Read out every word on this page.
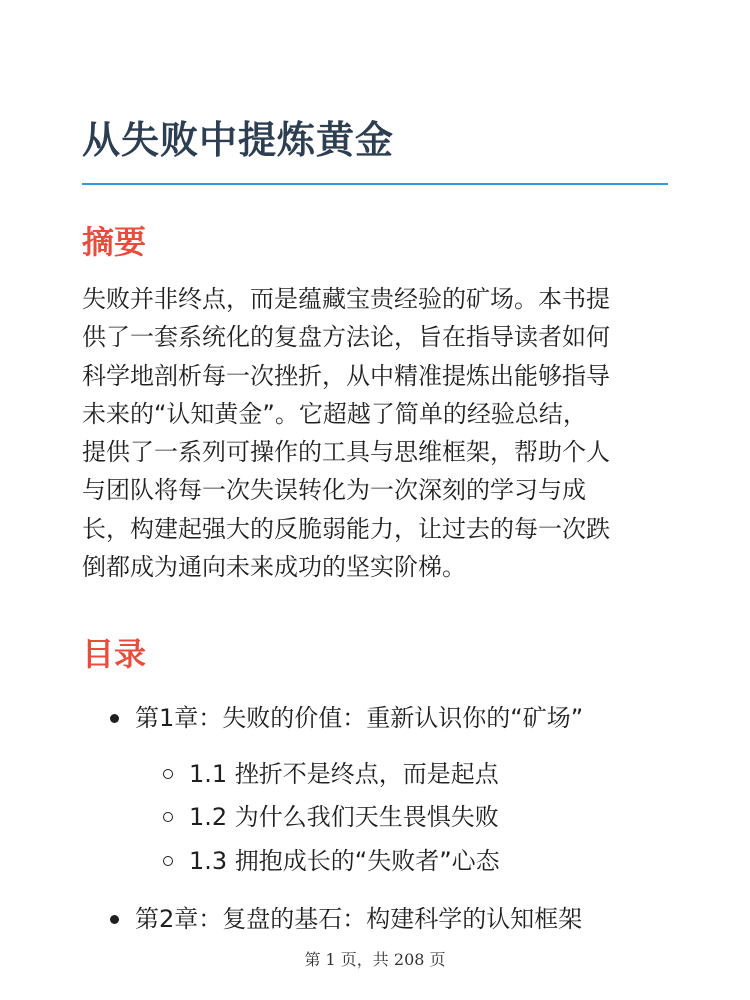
从失败中提炼黄金
摘要

失败并非终点，而是蕴藏宝贵经验的矿场。本书提
供了一套系统化的复盘方法论，旨在指导读者如何
科学地剖析每一次挫折，从中精准提炼出能够指导
未来的“认知黄金”。它超越了简单的经验总结，
提供了一系列可操作的工具与思维框架，帮助个人
与团队将每一次失误转化为一次深刻的学习与成
长，构建起强大的反脆弱能力，让过去的每一次跌
倒都成为通向未来成功的坚实阶梯。

目录
第1章：失败的价值：重新认识你的“矿场”
1.1 挫折不是终点，而是起点
1.2 为什么我们天生畏惧失败
1.3 拥抱成长的“失败者”心态
第2章：复盘的基石：构建科学的认知框架
第 1 页，共 208 页
